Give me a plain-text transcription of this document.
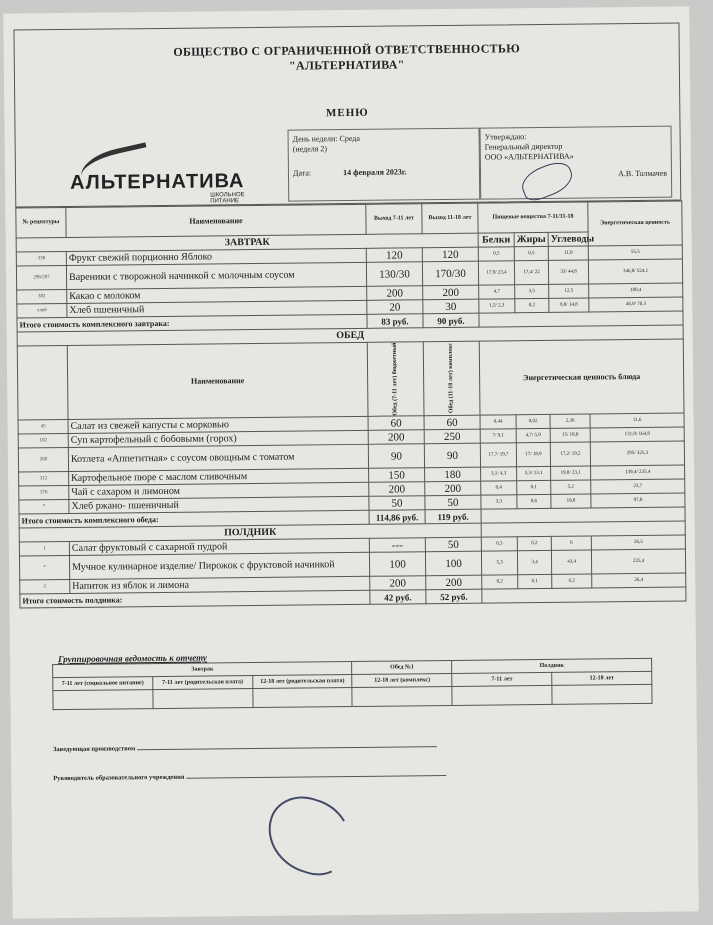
ОБЩЕСТВО С ОГРАНИЧЕННОЙ ОТВЕТСТВЕННОСТЬЮ
"АЛЬТЕРНАТИВА"
МЕНЮ
АЛЬТЕРНАТИВА
ШКОЛЬНОЕ ПИТАНИЕ
День недели: Среда
(неделя 2)
Дата:	14 февраля 2023г.
Утверждаю:
Генеральный директор
ООО «АЛЬТЕРНАТИВА»
А.В. Толмачев
№ рецептуры	Наименование	Выход 7-11 лет	Выход 11-18 лет	Пищевые вещества 7-11/11-18			Энергетическая ценность
ЗАВТРАК				Белки	Жиры	Углеводы	
338	Фрукт свежий порционно Яблоко	120	120	0,5	0,5	11,8	55,5
296/297	Вареники с творожной начинкой с молочным соусом	130/30	170/30	17,9/ 23,4	17,4/ 22	33/ 44,8	346,8/ 524,1
382	Какао с молоком	200	200	4,7	3,5	12,5	100,4
хлеб	Хлеб пшеничный	20	30	1,5/ 2,3	0,2	9,8/ 14,8	46,9/ 70,3
Итого стоимость комплексного завтрака:		83 руб.	90 руб.				
ОБЕД							
	Наименование	Обед (7-11 лет) бюджетный	Обед (11-18 лет) комплекс	Энергетическая ценность блюда			
45	Салат из свежей капусты с морковью	60	60	0,44	0,02	2,36	11,6
102	Суп картофельный с бобовыми (горох)	200	250	7/ 9,1	4,7/ 5,9	15/ 18,8	131,9/ 164,8
260	Котлета «Аппетитная» с соусом овощным с томатом	90	90	17,7/ 19,7	17/ 18,9	17,2/ 19,2	295/ 325,3
312	Картофельное пюре с маслом сливочным	150	180	3,1/ 4,3	5,3/ 13,1	19,8/ 23,1	139,4/ 235,4
376	Чай с сахаром и лимоном	200	200	0,4	0,1	5,2	23,7
*	Хлеб ржано- пшеничный	50	50	3,3	0,6	19,8	97,8
Итого стоимость комплексного обеда:		114,86 руб.	119 руб.				
ПОЛДНИК							
1	Салат фруктовый с сахарной пудрой	---	50	0,3	0,2	6	26,5
*	Мучное кулинарное изделие/ Пирожок с фруктовой начинкой	100	100	5,3	3,4	43,4	225,4
2	Напиток из яблок и лимона	200	200	0,2	0,1	6,2	26,4
Итого стоимость полдника:		42 руб.	52 руб.				
Группировочная ведомость к отчету
Завтрак			Обед №1	Полдник	
7-11 лет (социальное питание)	7-11 лет (родительская плата)	12-18 лет (родительская плата)	12-18 лет (комплекс)	7-11 лет	12-18 лет

Заведующая производством
Руководитель образовательного учреждения
